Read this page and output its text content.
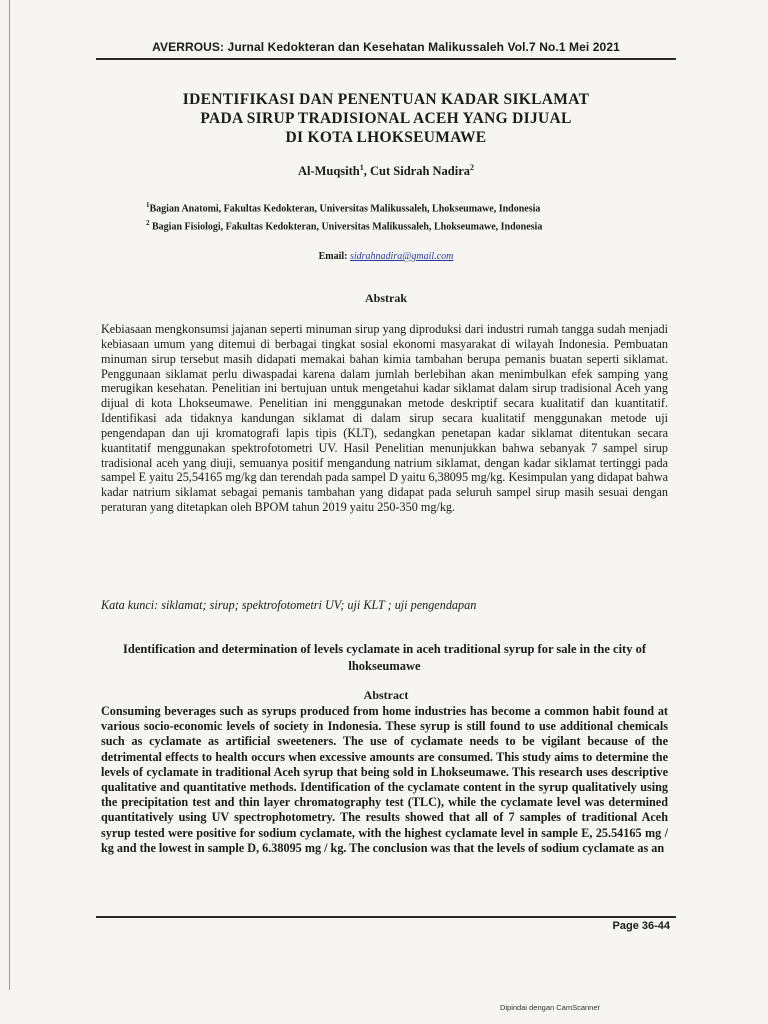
AVERROUS: Jurnal Kedokteran dan Kesehatan Malikussaleh Vol.7 No.1 Mei 2021
IDENTIFIKASI DAN PENENTUAN KADAR SIKLAMAT
PADA SIRUP TRADISIONAL ACEH YANG DIJUAL
DI KOTA LHOKSEUMAWE
Al-Muqsith$^1$, Cut Sidrah Nadira$^2$
$^1$Bagian Anatomi, Fakultas Kedokteran, Universitas Malikussaleh, Lhokseumawe, Indonesia
$^2$ Bagian Fisiologi, Fakultas Kedokteran, Universitas Malikussaleh, Lhokseumawe, Indonesia
Email: sidrahnadira@gmail.com
Abstrak
Kebiasaan mengkonsumsi jajanan seperti minuman sirup yang diproduksi dari industri rumah tangga sudah menjadi kebiasaan umum yang ditemui di berbagai tingkat sosial ekonomi masyarakat di wilayah Indonesia. Pembuatan minuman sirup tersebut masih didapati memakai bahan kimia tambahan berupa pemanis buatan seperti siklamat. Penggunaan siklamat perlu diwaspadai karena dalam jumlah berlebihan akan menimbulkan efek samping yang merugikan kesehatan. Penelitian ini bertujuan untuk mengetahui kadar siklamat dalam sirup tradisional Aceh yang dijual di kota Lhokseumawe. Penelitian ini menggunakan metode deskriptif secara kualitatif dan kuantitatif. Identifikasi ada tidaknya kandungan siklamat di dalam sirup secara kualitatif menggunakan metode uji pengendapan dan uji kromatografi lapis tipis (KLT), sedangkan penetapan kadar siklamat ditentukan secara kuantitatif menggunakan spektrofotometri UV. Hasil Penelitian menunjukkan bahwa sebanyak 7 sampel sirup tradisional aceh yang diuji, semuanya positif mengandung natrium siklamat, dengan kadar siklamat tertinggi pada sampel E yaitu 25,54165 mg/kg dan terendah pada sampel D yaitu 6,38095 mg/kg. Kesimpulan yang didapat bahwa kadar natrium siklamat sebagai pemanis tambahan yang didapat pada seluruh sampel sirup masih sesuai dengan peraturan yang ditetapkan oleh BPOM tahun 2019 yaitu 250-350 mg/kg.
Kata kunci: siklamat; sirup; spektrofotometri UV; uji KLT ; uji pengendapan
Identification and determination of levels cyclamate in aceh traditional syrup for sale in the city of lhokseumawe
Abstract
Consuming beverages such as syrups produced from home industries has become a common habit found at various socio-economic levels of society in Indonesia. These syrup is still found to use additional chemicals such as cyclamate as artificial sweeteners. The use of cyclamate needs to be vigilant because of the detrimental effects to health occurs when excessive amounts are consumed. This study aims to determine the levels of cyclamate in traditional Aceh syrup that being sold in Lhokseumawe. This research uses descriptive qualitative and quantitative methods. Identification of the cyclamate content in the syrup qualitatively using the precipitation test and thin layer chromatography test (TLC), while the cyclamate level was determined quantitatively using UV spectrophotometry. The results showed that all of 7 samples of traditional Aceh syrup tested were positive for sodium cyclamate, with the highest cyclamate level in sample E, 25.54165 mg / kg and the lowest in sample D, 6.38095 mg / kg. The conclusion was that the levels of sodium cyclamate as an
Page 36-44
Dipindai dengan CamScanner
